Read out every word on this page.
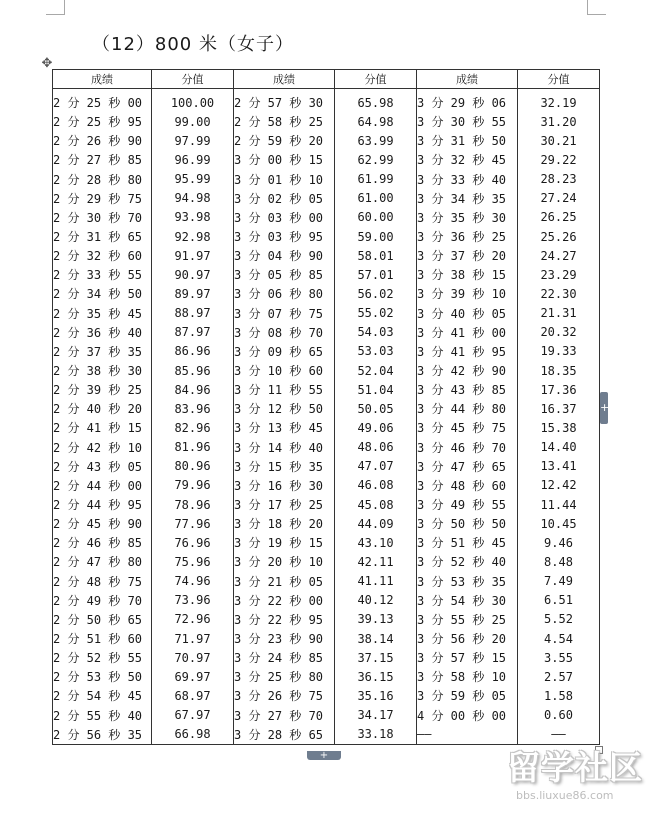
（12）800 米（女子）
✥
成绩	分值	成绩	分值	成绩	分值
2 分 25 秒 00	100.00	2 分 57 秒 30	65.98	3 分 29 秒 06	32.19
2 分 25 秒 95	99.00	2 分 58 秒 25	64.98	3 分 30 秒 55	31.20
2 分 26 秒 90	97.99	2 分 59 秒 20	63.99	3 分 31 秒 50	30.21
2 分 27 秒 85	96.99	3 分 00 秒 15	62.99	3 分 32 秒 45	29.22
2 分 28 秒 80	95.99	3 分 01 秒 10	61.99	3 分 33 秒 40	28.23
2 分 29 秒 75	94.98	3 分 02 秒 05	61.00	3 分 34 秒 35	27.24
2 分 30 秒 70	93.98	3 分 03 秒 00	60.00	3 分 35 秒 30	26.25
2 分 31 秒 65	92.98	3 分 03 秒 95	59.00	3 分 36 秒 25	25.26
2 分 32 秒 60	91.97	3 分 04 秒 90	58.01	3 分 37 秒 20	24.27
2 分 33 秒 55	90.97	3 分 05 秒 85	57.01	3 分 38 秒 15	23.29
2 分 34 秒 50	89.97	3 分 06 秒 80	56.02	3 分 39 秒 10	22.30
2 分 35 秒 45	88.97	3 分 07 秒 75	55.02	3 分 40 秒 05	21.31
2 分 36 秒 40	87.97	3 分 08 秒 70	54.03	3 分 41 秒 00	20.32
2 分 37 秒 35	86.96	3 分 09 秒 65	53.03	3 分 41 秒 95	19.33
2 分 38 秒 30	85.96	3 分 10 秒 60	52.04	3 分 42 秒 90	18.35
2 分 39 秒 25	84.96	3 分 11 秒 55	51.04	3 分 43 秒 85	17.36
2 分 40 秒 20	83.96	3 分 12 秒 50	50.05	3 分 44 秒 80	16.37
2 分 41 秒 15	82.96	3 分 13 秒 45	49.06	3 分 45 秒 75	15.38
2 分 42 秒 10	81.96	3 分 14 秒 40	48.06	3 分 46 秒 70	14.40
2 分 43 秒 05	80.96	3 分 15 秒 35	47.07	3 分 47 秒 65	13.41
2 分 44 秒 00	79.96	3 分 16 秒 30	46.08	3 分 48 秒 60	12.42
2 分 44 秒 95	78.96	3 分 17 秒 25	45.08	3 分 49 秒 55	11.44
2 分 45 秒 90	77.96	3 分 18 秒 20	44.09	3 分 50 秒 50	10.45
2 分 46 秒 85	76.96	3 分 19 秒 15	43.10	3 分 51 秒 45	9.46
2 分 47 秒 80	75.96	3 分 20 秒 10	42.11	3 分 52 秒 40	8.48
2 分 48 秒 75	74.96	3 分 21 秒 05	41.11	3 分 53 秒 35	7.49
2 分 49 秒 70	73.96	3 分 22 秒 00	40.12	3 分 54 秒 30	6.51
2 分 50 秒 65	72.96	3 分 22 秒 95	39.13	3 分 55 秒 25	5.52
2 分 51 秒 60	71.97	3 分 23 秒 90	38.14	3 分 56 秒 20	4.54
2 分 52 秒 55	70.97	3 分 24 秒 85	37.15	3 分 57 秒 15	3.55
2 分 53 秒 50	69.97	3 分 25 秒 80	36.15	3 分 58 秒 10	2.57
2 分 54 秒 45	68.97	3 分 26 秒 75	35.16	3 分 59 秒 05	1.58
2 分 55 秒 40	67.97	3 分 27 秒 70	34.17	4 分 00 秒 00	0.60
2 分 56 秒 35	66.98	3 分 28 秒 65	33.18	——	——
+
+	留学社区
bbs.liuxue86.com
